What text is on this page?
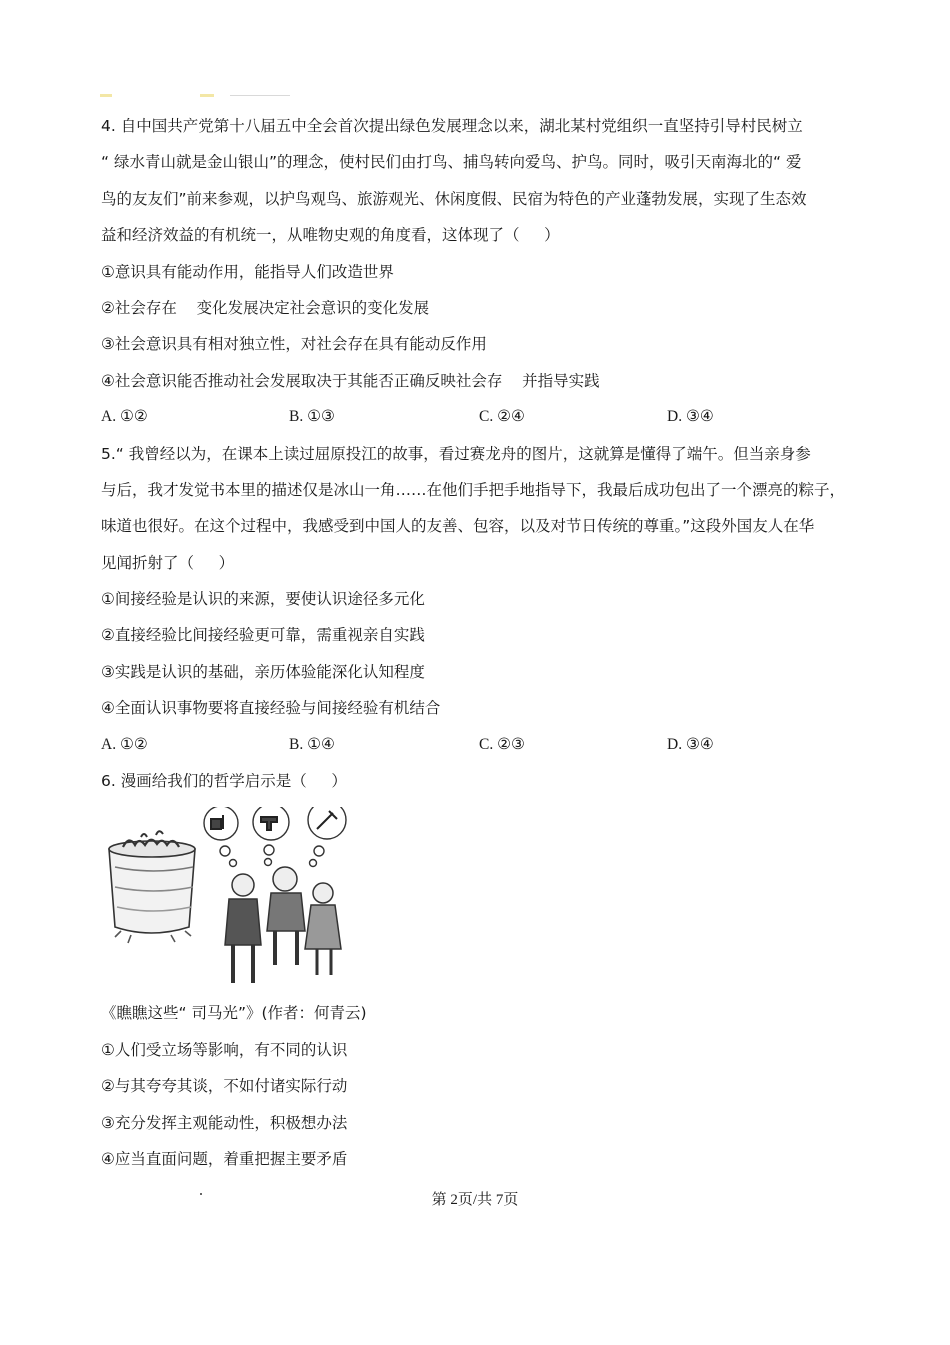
4. 自中国共产党第十八届五中全会首次提出绿色发展理念以来，湖北某村党组织一直坚持引导村民树立
“ 绿水青山就是金山银山”的理念，使村民们由打鸟、捕鸟转向爱鸟、护鸟。同时，吸引天南海北的“ 爱
鸟的友友们”前来参观，以护鸟观鸟、旅游观光、休闲度假、民宿为特色的产业蓬勃发展，实现了生态效
益和经济效益的有机统一，从唯物史观的角度看，这体现了（     ）
①意识具有能动作用，能指导人们改造世界
②社会存在    变化发展决定社会意识的变化发展
③社会意识具有相对独立性，对社会存在具有能动反作用
④社会意识能否推动社会发展取决于其能否正确反映社会存    并指导实践
A. ①②	B. ①③	C. ②④	D. ③④
5.“ 我曾经以为，在课本上读过屈原投江的故事，看过赛龙舟的图片，这就算是懂得了端午。但当亲身参
与后，我才发觉书本里的描述仅是冰山一角……在他们手把手地指导下，我最后成功包出了一个漂亮的粽子，
味道也很好。在这个过程中，我感受到中国人的友善、包容，以及对节日传统的尊重。”这段外国友人在华
见闻折射了（     ）
①间接经验是认识的来源，要使认识途径多元化
②直接经验比间接经验更可靠，需重视亲自实践
③实践是认识的基础，亲历体验能深化认知程度
④全面认识事物要将直接经验与间接经验有机结合
A. ①②	B. ①④	C. ②③	D. ③④
6. 漫画给我们的哲学启示是（     ）
《瞧瞧这些“ 司马光”》(作者：何青云)
①人们受立场等影响，有不同的认识
②与其夸夸其谈，不如付诸实际行动
③充分发挥主观能动性，积极想办法
④应当直面问题，着重把握主要矛盾
第 2页/共 7页
